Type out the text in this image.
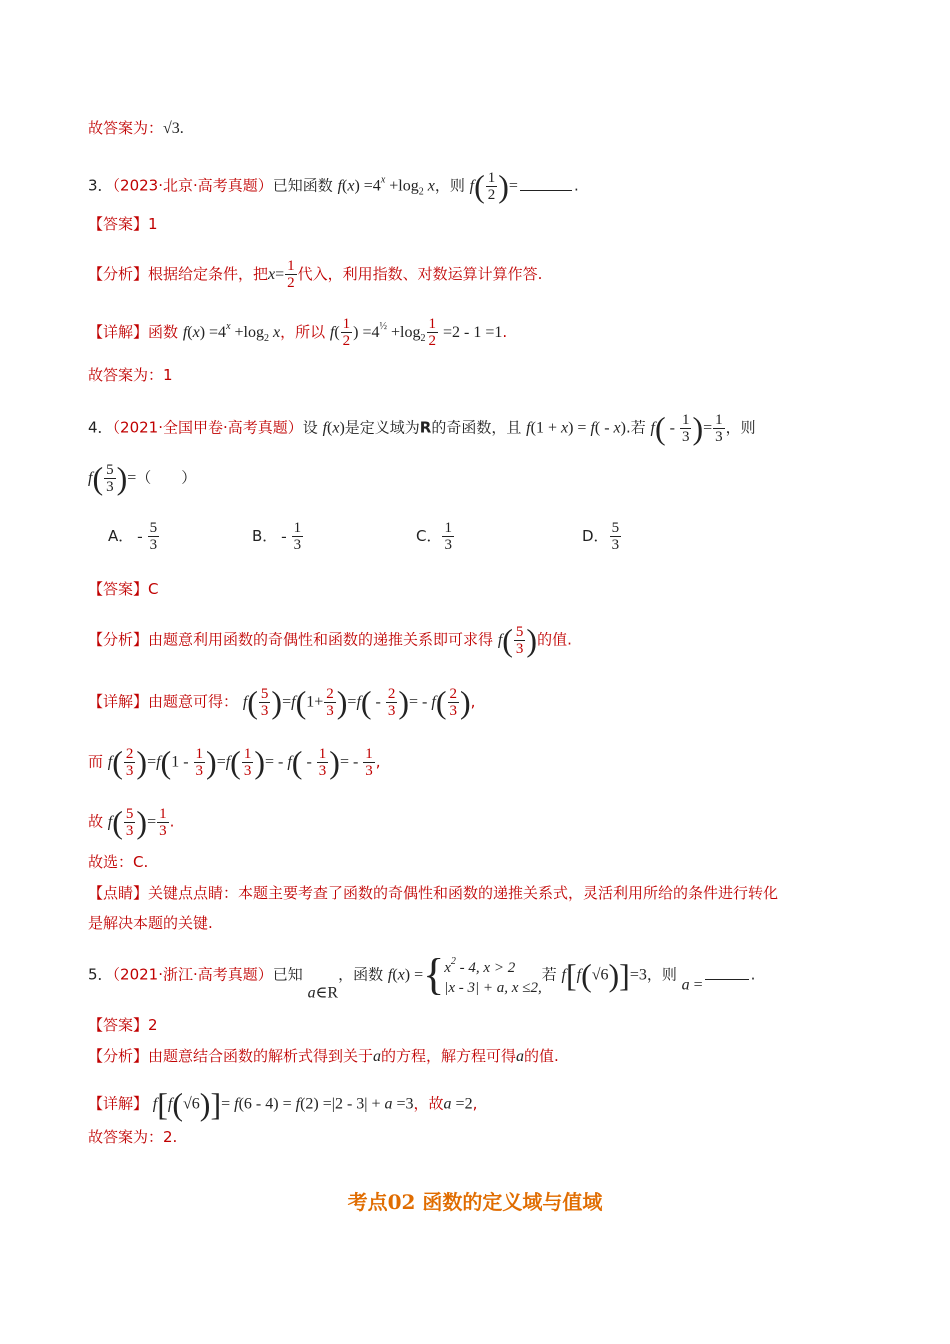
故答案为：√3.
3．（2023·北京·高考真题）已知函数 $f(x) =4^x +\log_2$ x，则 $f( \frac{1}{2}$ )=	.
【答案】1
【分析】根据给定条件，把$x= \frac{1}{2}$ 代入，利用指数、对数运算计算作答.
【详解】函数 $f(x) =4^x +\log_2$ x，所以 $f( \frac{1}{2}$ ) $=4^{\frac{1}{2}} +\log_2 \frac{1}{2} =2 - 1 =1$.
故答案为：1
4．（2021·全国甲卷·高考真题）设 f(x)是定义域为R的奇函数，且 f(1 + x) = f( - x).若 $f( - \frac{1}{3}$ )= $\frac{1}{3}$ ，则
$f( \frac{5}{3}$ )=（　　）
A． - $\frac{5}{3}$	B． - $\frac{1}{3}$	C． $\frac{1}{3}$	D． $\frac{5}{3}$
【答案】C
【分析】由题意利用函数的奇偶性和函数的递推关系即可求得 $f( \frac{5}{3}$ )的值.
【详解】由题意可得： $f( \frac{5}{3} )=f(1+ \frac{2}{3} )=f( - \frac{2}{3}$ )= - $f( \frac{2}{3}$ ),
而 $f( \frac{2}{3} )=f(1 - \frac{1}{3} )=f( \frac{1}{3}$ )= - $f( - \frac{1}{3}$ )= - $\frac{1}{3}$ ,
故 $f( \frac{5}{3}$ )= $\frac{1}{3}$ .
故选：C.
【点睛】关键点点睛：本题主要考查了函数的奇偶性和函数的递推关系式，灵活利用所给的条件进行转化
是解决本题的关键.
5．（2021·浙江·高考真题）已知 a∈R，函数 f(x) ={ $x^2 - 4$, x > 2
|x - 3| + a, x ≤2,
若 f[f(√6)]=3，则 a =.
【答案】2
【分析】由题意结合函数的解析式得到关于a的方程，解方程可得a的值.
【详解】 f[f(√6)]= f(6 - 4) = f(2) =|2 - 3| + a =3，故a =2,
故答案为：2.
考点02 函数的定义域与值域
